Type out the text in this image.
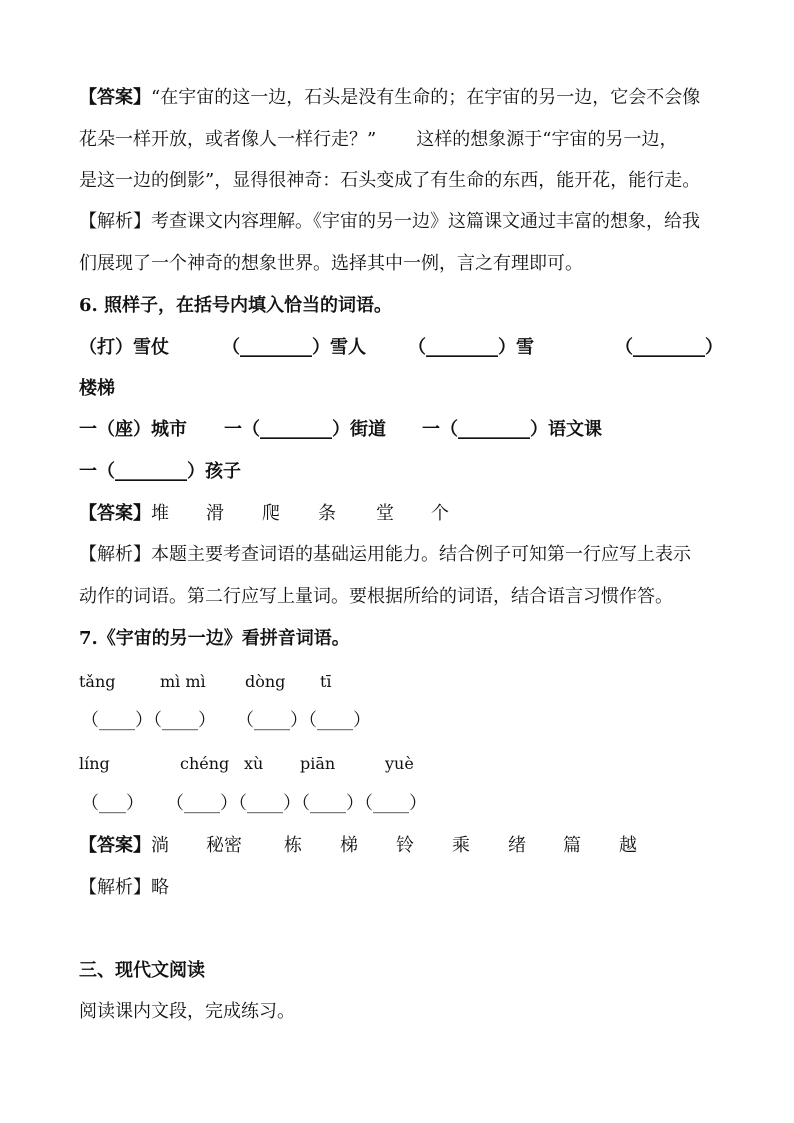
【答案】“在宇宙的这一边，石头是没有生命的；在宇宙的另一边，它会不会像
花朵一样开放，或者像人一样行走？”       这样的想象源于“宇宙的另一边，
是这一边的倒影”，显得很神奇：石头变成了有生命的东西，能开花，能行走。
【解析】考查课文内容理解。《宇宙的另一边》这篇课文通过丰富的想象，给我
们展现了一个神奇的想象世界。选择其中一例，言之有理即可。
6. 照样子，在括号内填入恰当的词语。
（打）雪仗	（________）雪人 （________）雪	（________）
楼梯
一（座）城市 一（________）街道 一（________）语文课
一（________）孩子
【答案】 堆 滑 爬 条 堂 个
【解析】本题主要考查词语的基础运用能力。结合例子可知第一行应写上表示
动作的词语。第二行应写上量词。要根据所给的词语，结合语言习惯作答。
7.《宇宙的另一边》看拼音词语。
tǎng	mì mì dòng tī
（____）（____） （____）（____）
líng	chéng xù piān	yuè
（___） （____）（____）（____）（____）
【答案】 淌 秘密 栋 梯 铃 乘 绪 篇 越
【解析】略
三、现代文阅读
阅读课内文段，完成练习。
